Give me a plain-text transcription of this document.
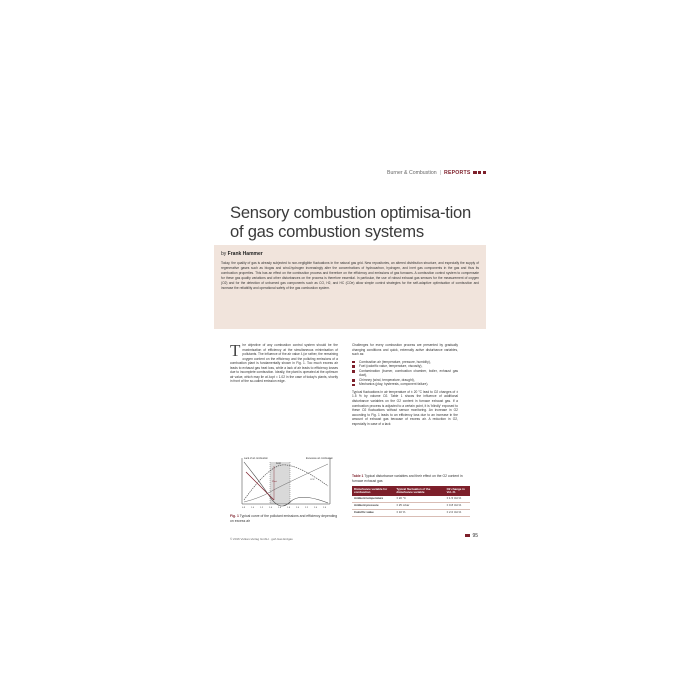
Burner & Combustion | REPORTS
Sensory combustion optimisa-tion of gas combustion systems
by Frank Hammer
Today, the quality of gas is already subjected to non-negligible fluctuations in the natural gas grid. New repositories, an altered distribution structure, and especially the supply of regenerative gases such as biogas and wind-hydrogen increasingly alter the concentrations of hydrocarbon, hydrogen, and inert gas components in the gas and thus its combustion properties. This has an effect on the combustion process and therefore on the efficiency and emissions of gas furnaces. A combustion control system to compensate for these gas quality variations and other disturbances on the process is therefore essential. In particular, the use of robust exhaust gas sensors for the measurement of oxygen (O2) and for the detection of unburned gas components such as CO, H2, and HC (COe) allow simple control strategies for the self-adaptive optimisation of combustion and increase the reliability and operational safety of the gas combustion system.
T he objective of any combustion control system should be the maximisation of efficiency at the simultaneous minimisation of pollutants. The influence of the air value λ (or rather, the remaining oxygen content on the efficiency and the polluting emissions of a combustion plant is fundamentally shown in Fig. 1. Too much excess air leads to exhaust gas heat loss, while a lack of air leads to efficiency losses due to incomplete combustion. Ideally, the plant is operated at the optimum air value, which may lie at λopt = 1.02 in the case of today's plants, shortly in front of the so-called emission edge.
Challenges for every combustion process are presented by gradually changing conditions and quick, externally active disturbance variables, such as:
Combustion air (temperature, pressure, humidity),
Fuel (calorific value, temperature, viscosity),
Contamination (burner, combustion chamber, boiler, exhaust gas duct),
Chimney (wind, temperature, draught),
Mechanics (play, hysteresis, component failure).
Typical fluctuations in air temperature of ± 20 °C lead to O2 changes of ± 1.5 % by volume O2. Table 1 shows the influence of additional disturbance variables on the O2 content in furnace exhaust gas. If a combustion process is adjusted to a certain point, it is 'blindly' exposed to these O2 fluctuations without sensor monitoring. An increase in O2 according to Fig. 1 leads to an efficiency loss due to an increase in the amount of exhaust gas because of excess air. A reduction in O2, especially in case of a lack
Lack of air combustion	Excessive air combustion
λopt
Plost
CO2
0.9	1.0	1.2	1.4	1.6	1.8	2.0	2.2	2.4	2.6
Fig. 1 Typical curve of the pollutant emissions and efficiency depending on excess air
Table 1 Typical disturbance variables and their effect on the O2 content in furnace exhaust gas
Disturbance variable for combustion	Typical fluctuation of the disturbance variable	O2 change in Vol.-%
Ambient temperature	± 20 °C	± 1.5 Vol.%
Ambient pressure	± 25 mbar	± 0.8 Vol.%
Calorific value	± 10 %	± 2.0 Vol.%
© 2016 Vulkan-Verlag GmbH · gwf-Gas Erdgas	95
